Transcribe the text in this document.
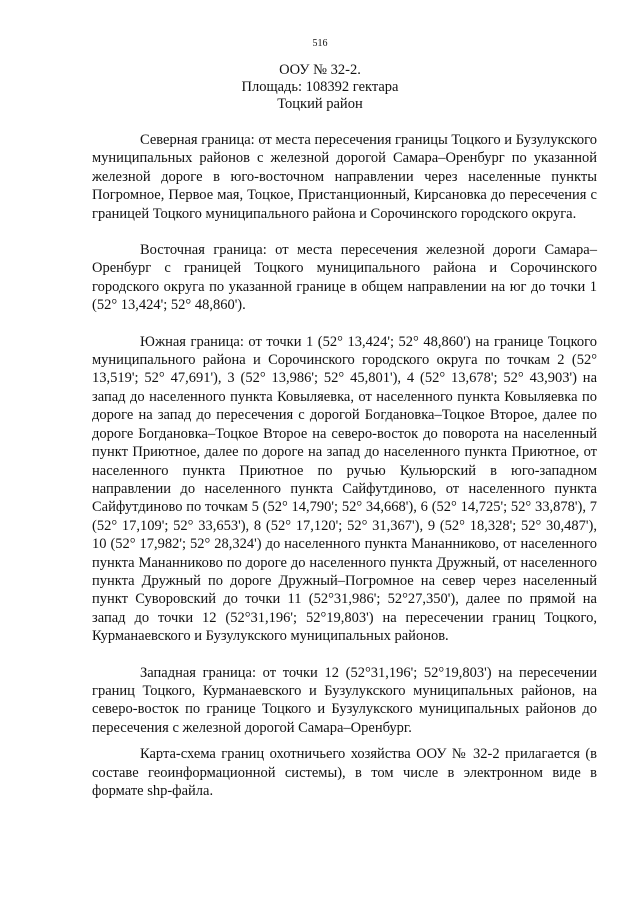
516
ООУ № 32-2.
Площадь: 108392 гектара
Тоцкий район

Северная граница: от места пересечения границы Тоцкого и Бузулукского муниципальных районов с железной дорогой Самара–Оренбург по указанной железной дороге в юго-восточном направлении через населенные пункты Погромное, Первое мая, Тоцкое, Пристанционный, Кирсановка до пересечения с границей Тоцкого муниципального района и Сорочинского городского округа.

Восточная граница: от места пересечения железной дороги Самара–Оренбург с границей Тоцкого муниципального района и Сорочинского городского округа по указанной границе в общем направлении на юг до точки 1 (52° 13,424'; 52° 48,860').

Южная граница: от точки 1 (52° 13,424'; 52° 48,860') на границе Тоцкого муниципального района и Сорочинского городского округа по точкам 2 (52° 13,519'; 52° 47,691'), 3 (52° 13,986'; 52° 45,801'), 4 (52° 13,678'; 52° 43,903') на запад до населенного пункта Ковыляевка, от населенного пункта Ковыляевка по дороге на запад до пересечения с дорогой Богдановка–Тоцкое Второе, далее по дороге Богдановка–Тоцкое Второе на северо-восток до поворота на населенный пункт Приютное, далее по дороге на запад до населенного пункта Приютное, от населенного пункта Приютное по ручью Кульюрский в юго-западном направлении до населенного пункта Сайфутдиново, от населенного пункта Сайфутдиново по точкам 5 (52° 14,790'; 52° 34,668'), 6 (52° 14,725'; 52° 33,878'), 7 (52° 17,109'; 52° 33,653'), 8 (52° 17,120'; 52° 31,367'), 9 (52° 18,328'; 52° 30,487'), 10 (52° 17,982'; 52° 28,324') до населенного пункта Мананниково, от населенного пункта Мананниково по дороге до населенного пункта Дружный, от населенного пункта Дружный по дороге Дружный–Погромное на север через населенный пункт Суворовский до точки 11 (52°31,986'; 52°27,350'), далее по прямой на запад до точки 12 (52°31,196'; 52°19,803') на пересечении границ Тоцкого, Курманаевского и Бузулукского муниципальных районов.

Западная граница: от точки 12 (52°31,196'; 52°19,803') на пересечении границ Тоцкого, Курманаевского и Бузулукского муниципальных районов, на северо-восток по границе Тоцкого и Бузулукского муниципальных районов до пересечения с железной дорогой Самара–Оренбург.

Карта-схема границ охотничьего хозяйства ООУ № 32-2 прилагается (в составе геоинформационной системы), в том числе в электронном виде в формате shp-файла.
